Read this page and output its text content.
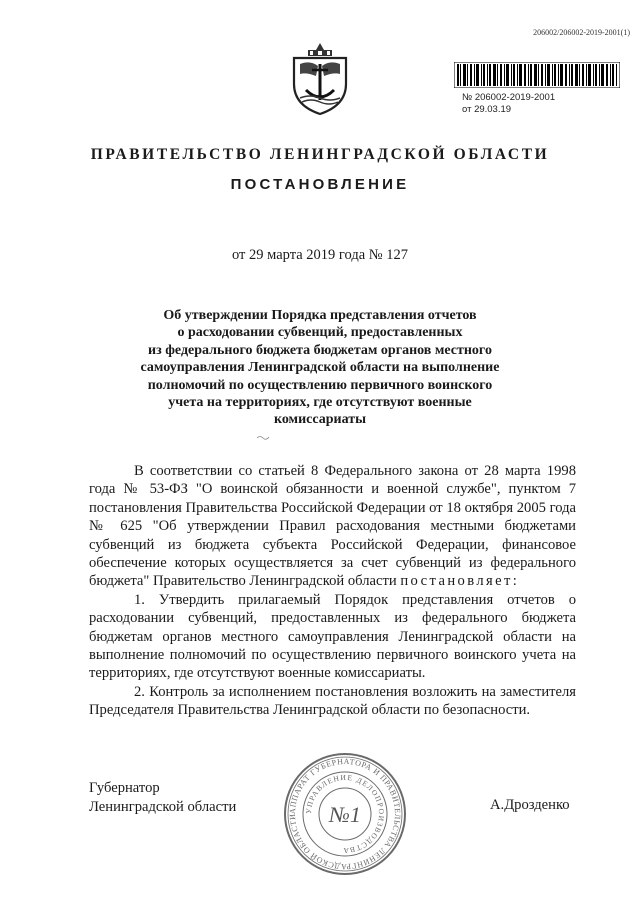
206002/206002-2019-2001(1)
№ 206002-2019-2001
от 29.03.19
ПРАВИТЕЛЬСТВО ЛЕНИНГРАДСКОЙ ОБЛАСТИ
ПОСТАНОВЛЕНИЕ
от 29 марта 2019 года № 127
Об утверждении Порядка представления отчетов
о расходовании субвенций, предоставленных
из федерального бюджета бюджетам органов местного
самоуправления Ленинградской области на выполнение
полномочий по осуществлению первичного воинского
учета на территориях, где отсутствуют военные
комиссариаты

В соответствии со статьей 8 Федерального закона от 28 марта 1998 года № 53-ФЗ "О воинской обязанности и военной службе", пунктом 7 постановления Правительства Российской Федерации от 18 октября 2005 года № 625 "Об утверждении Правил расходования местными бюджетами субвенций из бюджета субъекта Российской Федерации, финансовое обеспечение которых осуществляется за счет субвенций из федерального бюджета" Правительство Ленинградской области постановляет:

1. Утвердить прилагаемый Порядок представления отчетов о расходовании субвенций, предоставленных из федерального бюджета бюджетам органов местного самоуправления Ленинградской области на выполнение полномочий по осуществлению первичного воинского учета на территориях, где отсутствуют военные комиссариаты.

2. Контроль за исполнением постановления возложить на заместителя Председателя Правительства Ленинградской области по безопасности.

Губернатор
Ленинградской области	А.Дрозденко
АППАРАТ ГУБЕРНАТОРА И ПРАВИТЕЛЬСТВА ЛЕНИНГРАДСКОЙ ОБЛАСТИ
УПРАВЛЕНИЕ ДЕЛОПРОИЗВОДСТВА
№1
